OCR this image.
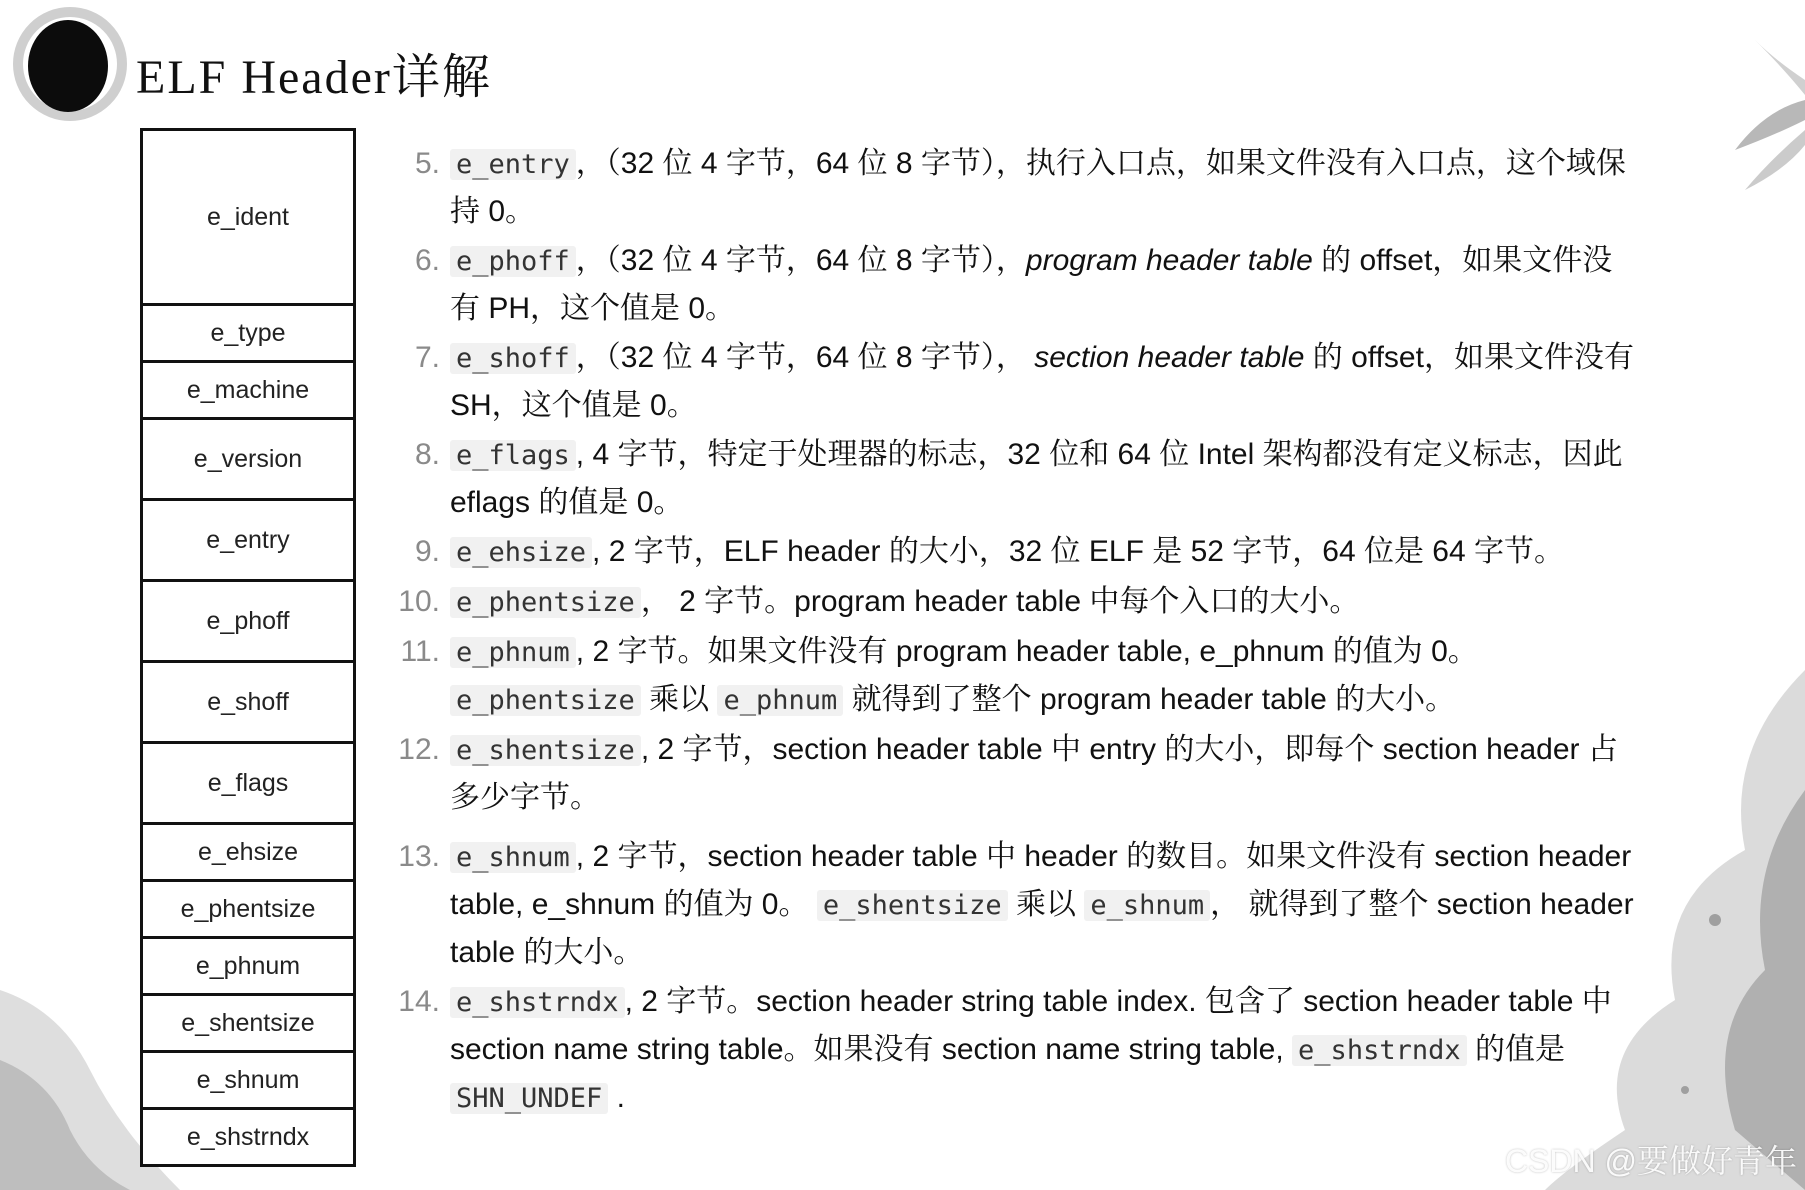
ELF Header详解
e_ident
e_type
e_machine
e_version
e_entry
e_phoff
e_shoff
e_flags
e_ehsize
e_phentsize
e_phnum
e_shentsize
e_shnum
e_shstrndx
5. e_entry ，（32 位 4 字节，64 位 8 字节），执行入口点，如果文件没有入口点，这个域保持 0。
6. e_phoff ，（32 位 4 字节，64 位 8 字节），program header table 的 offset，如果文件没有 PH，这个值是 0。
7. e_shoff ，（32 位 4 字节，64 位 8 字节）， section header table 的 offset，如果文件没有 SH，这个值是 0。
8. e_flags , 4 字节，特定于处理器的标志，32 位和 64 位 Intel 架构都没有定义标志，因此 eflags 的值是 0。
9. e_ehsize , 2 字节，ELF header 的大小，32 位 ELF 是 52 字节，64 位是 64 字节。
10. e_phentsize ， 2 字节。program header table 中每个入口的大小。
11. e_phnum , 2 字节。如果文件没有 program header table, e_phnum 的值为 0。
e_phentsize 乘以 e_phnum 就得到了整个 program header table 的大小。
12. e_shentsize , 2 字节，section header table 中 entry 的大小，即每个 section header 占多少字节。
13. e_shnum , 2 字节，section header table 中 header 的数目。如果文件没有 section header table, e_shnum 的值为 0。 e_shentsize 乘以 e_shnum ， 就得到了整个 section header table 的大小。
14. e_shstrndx , 2 字节。section header string table index. 包含了 section header table 中 section name string table。如果没有 section name string table, e_shstrndx 的值是 SHN_UNDEF .
CSDN @要做好青年
